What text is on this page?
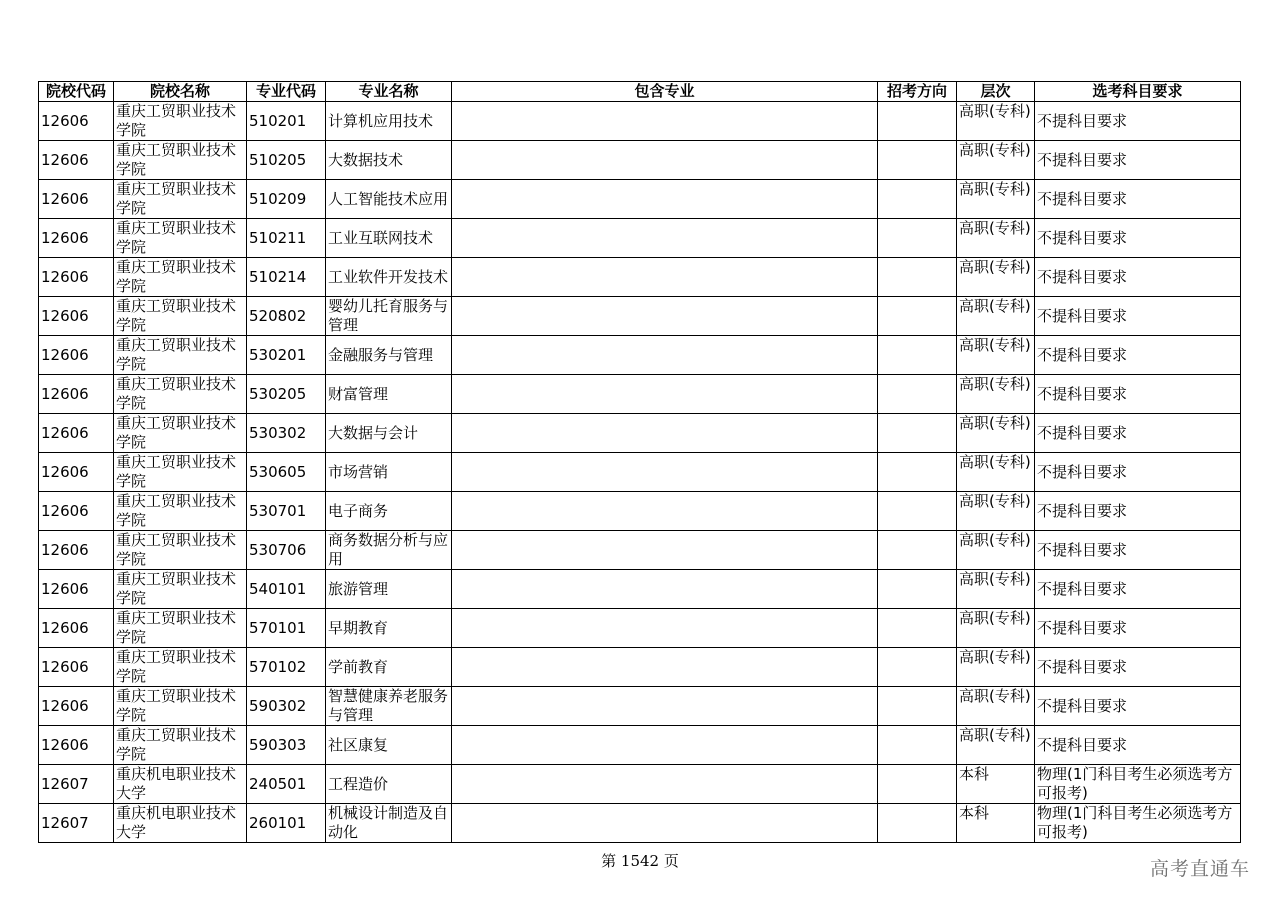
院校代码	院校名称	专业代码	专业名称	包含专业	招考方向	层次	选考科目要求
12606	重庆工贸职业技术学院	510201	计算机应用技术			高职(专科)	不提科目要求
12606	重庆工贸职业技术学院	510205	大数据技术			高职(专科)	不提科目要求
12606	重庆工贸职业技术学院	510209	人工智能技术应用			高职(专科)	不提科目要求
12606	重庆工贸职业技术学院	510211	工业互联网技术			高职(专科)	不提科目要求
12606	重庆工贸职业技术学院	510214	工业软件开发技术			高职(专科)	不提科目要求
12606	重庆工贸职业技术学院	520802	婴幼儿托育服务与管理			高职(专科)	不提科目要求
12606	重庆工贸职业技术学院	530201	金融服务与管理			高职(专科)	不提科目要求
12606	重庆工贸职业技术学院	530205	财富管理			高职(专科)	不提科目要求
12606	重庆工贸职业技术学院	530302	大数据与会计			高职(专科)	不提科目要求
12606	重庆工贸职业技术学院	530605	市场营销			高职(专科)	不提科目要求
12606	重庆工贸职业技术学院	530701	电子商务			高职(专科)	不提科目要求
12606	重庆工贸职业技术学院	530706	商务数据分析与应用			高职(专科)	不提科目要求
12606	重庆工贸职业技术学院	540101	旅游管理			高职(专科)	不提科目要求
12606	重庆工贸职业技术学院	570101	早期教育			高职(专科)	不提科目要求
12606	重庆工贸职业技术学院	570102	学前教育			高职(专科)	不提科目要求
12606	重庆工贸职业技术学院	590302	智慧健康养老服务与管理			高职(专科)	不提科目要求
12606	重庆工贸职业技术学院	590303	社区康复			高职(专科)	不提科目要求
12607	重庆机电职业技术大学	240501	工程造价			本科	物理(1门科目考生必须选考方可报考)
12607	重庆机电职业技术大学	260101	机械设计制造及自动化			本科	物理(1门科目考生必须选考方可报考)
第 1542 页	高考直通车
